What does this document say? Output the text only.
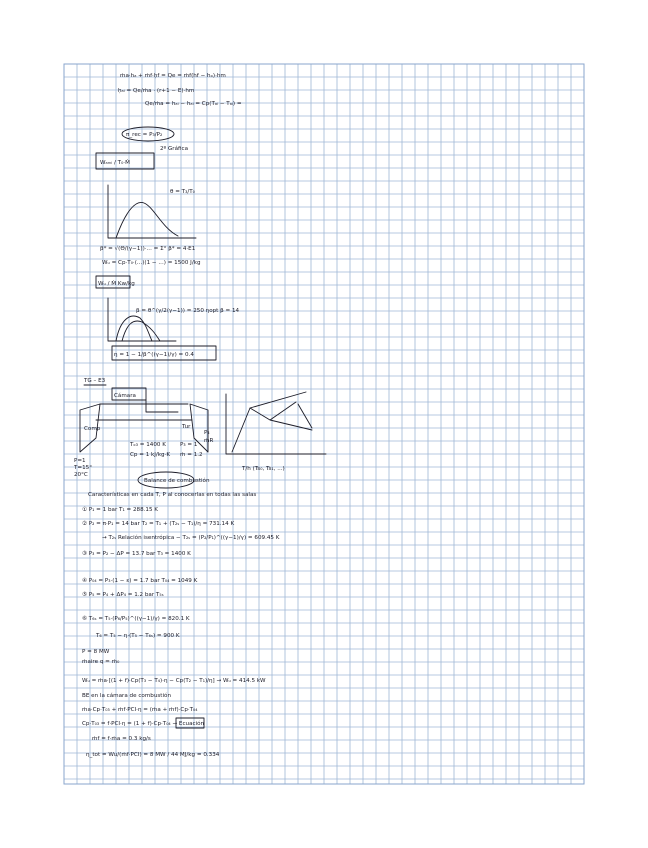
ṁa·hₐ + ṁf·ḥf = Qe = ṁf(hf − hₒ)·hm
ḥₐᵢ = Qe/ṁa · (r+1 − E)·hm
Qe/ṁa = hₐᵢ − hₐᵢ = Cp(Tₐᵢ − Tₐᵢ) =
π_rec = P₃/P₂
2º Gráfica
Wₐₘᵢ / T₀·Ṁ
θ = T₃/T₀
β* = √(Θ/(γ−1))·... = Σ° β* = 4·E1
Wᵤ = Cp·T₀·(...)(1 − ...) = 1500 J/kg
Wᵤ / Ṁ Kw/kg
β = θ^(γ/2(γ−1)) = 250 ηopt β = 14
η = 1 − 1/β^((γ−1)/γ) = 0.4
TG – E3
Cámara
Tur
Comp
P=1
T=15°
20°C
Tₒ₃ = 1400 K
Cp = 1 kJ/kg·K ṁ = 1.2
P₃ = 1
P₄
ṁR
Balance de combustión
T/h (Ts₀, Ts₁, ...)
Características en cada T, P al conocerlas en todas las salas
① P₁ = 1 bar T₁ = 288.15 K
② P₂ = π·P₁ = 14 bar T₂ = T₁ + (T₂ₛ − T₁)/η = 731.14 K
→ T₂ₛ Relación isentrópica − T₂ₛ = (P₂/P₁)^((γ−1)/γ) = 609.45 K
③ P₃ = P₂ − ΔP = 13.7 bar T₃ = 1400 K
④ P₀₄ = P₃·(1 − ε) = 1.7 bar T₀₄ = 1049 K
⑤ P₅ = P₄ + ΔP₄ = 1.2 bar T₅ₛ
⑥ T₆ₛ = T₅·(P₆/P₅)^((γ−1)/γ) = 820.1 K
T₆ = T₅ − η·(T₅ − T₆ₛ) = 900 K
P = 8 MW
ṁaire q = ṁ₀
Wᵤ = ṁa·[(1 + f)·Cp(T₃ − T₄)·η − Cp(T₂ − T₁)/η] → Wᵤ = 414.5 kW
BE en la cámara de combustión
ṁa·Cp·T₀₃ + ṁf·PCI·η = (ṁa + ṁf)·Cp·T₀₄
Cp·T₀₃ = f·PCI·η = (1 + f)·Cp·T₀₄ → Ecuación
ṁf = f·ṁa = 0.3 kg/s
η_tot = Wu/(ṁf·PCI) = 8 MW / 44 MJ/kg = 0.334
